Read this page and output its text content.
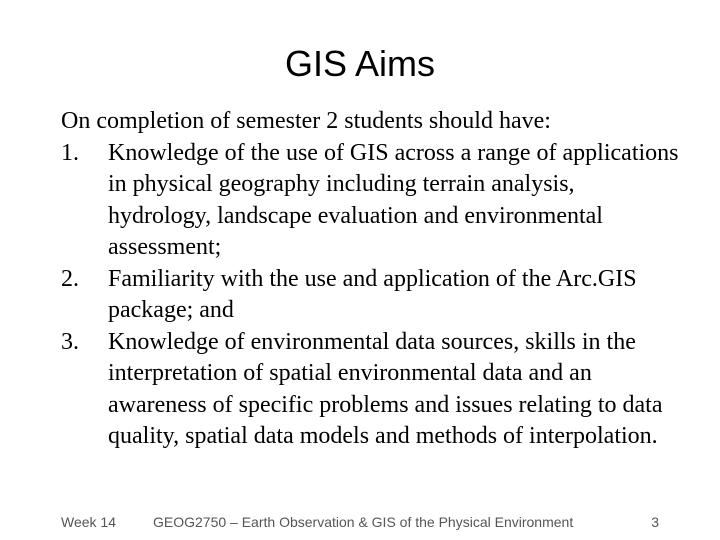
GIS Aims

On completion of semester 2 students should have:

1. Knowledge of the use of GIS across a range of applications in physical geography including terrain analysis, hydrology, landscape evaluation and environmental assessment;
2. Familiarity with the use and application of the Arc.GIS package; and
3. Knowledge of environmental data sources, skills in the interpretation of spatial environmental data and an awareness of specific problems and issues relating to data quality, spatial data models and methods of interpolation.
Week 14	GEOG2750 – Earth Observation & GIS of the Physical Environment	3
